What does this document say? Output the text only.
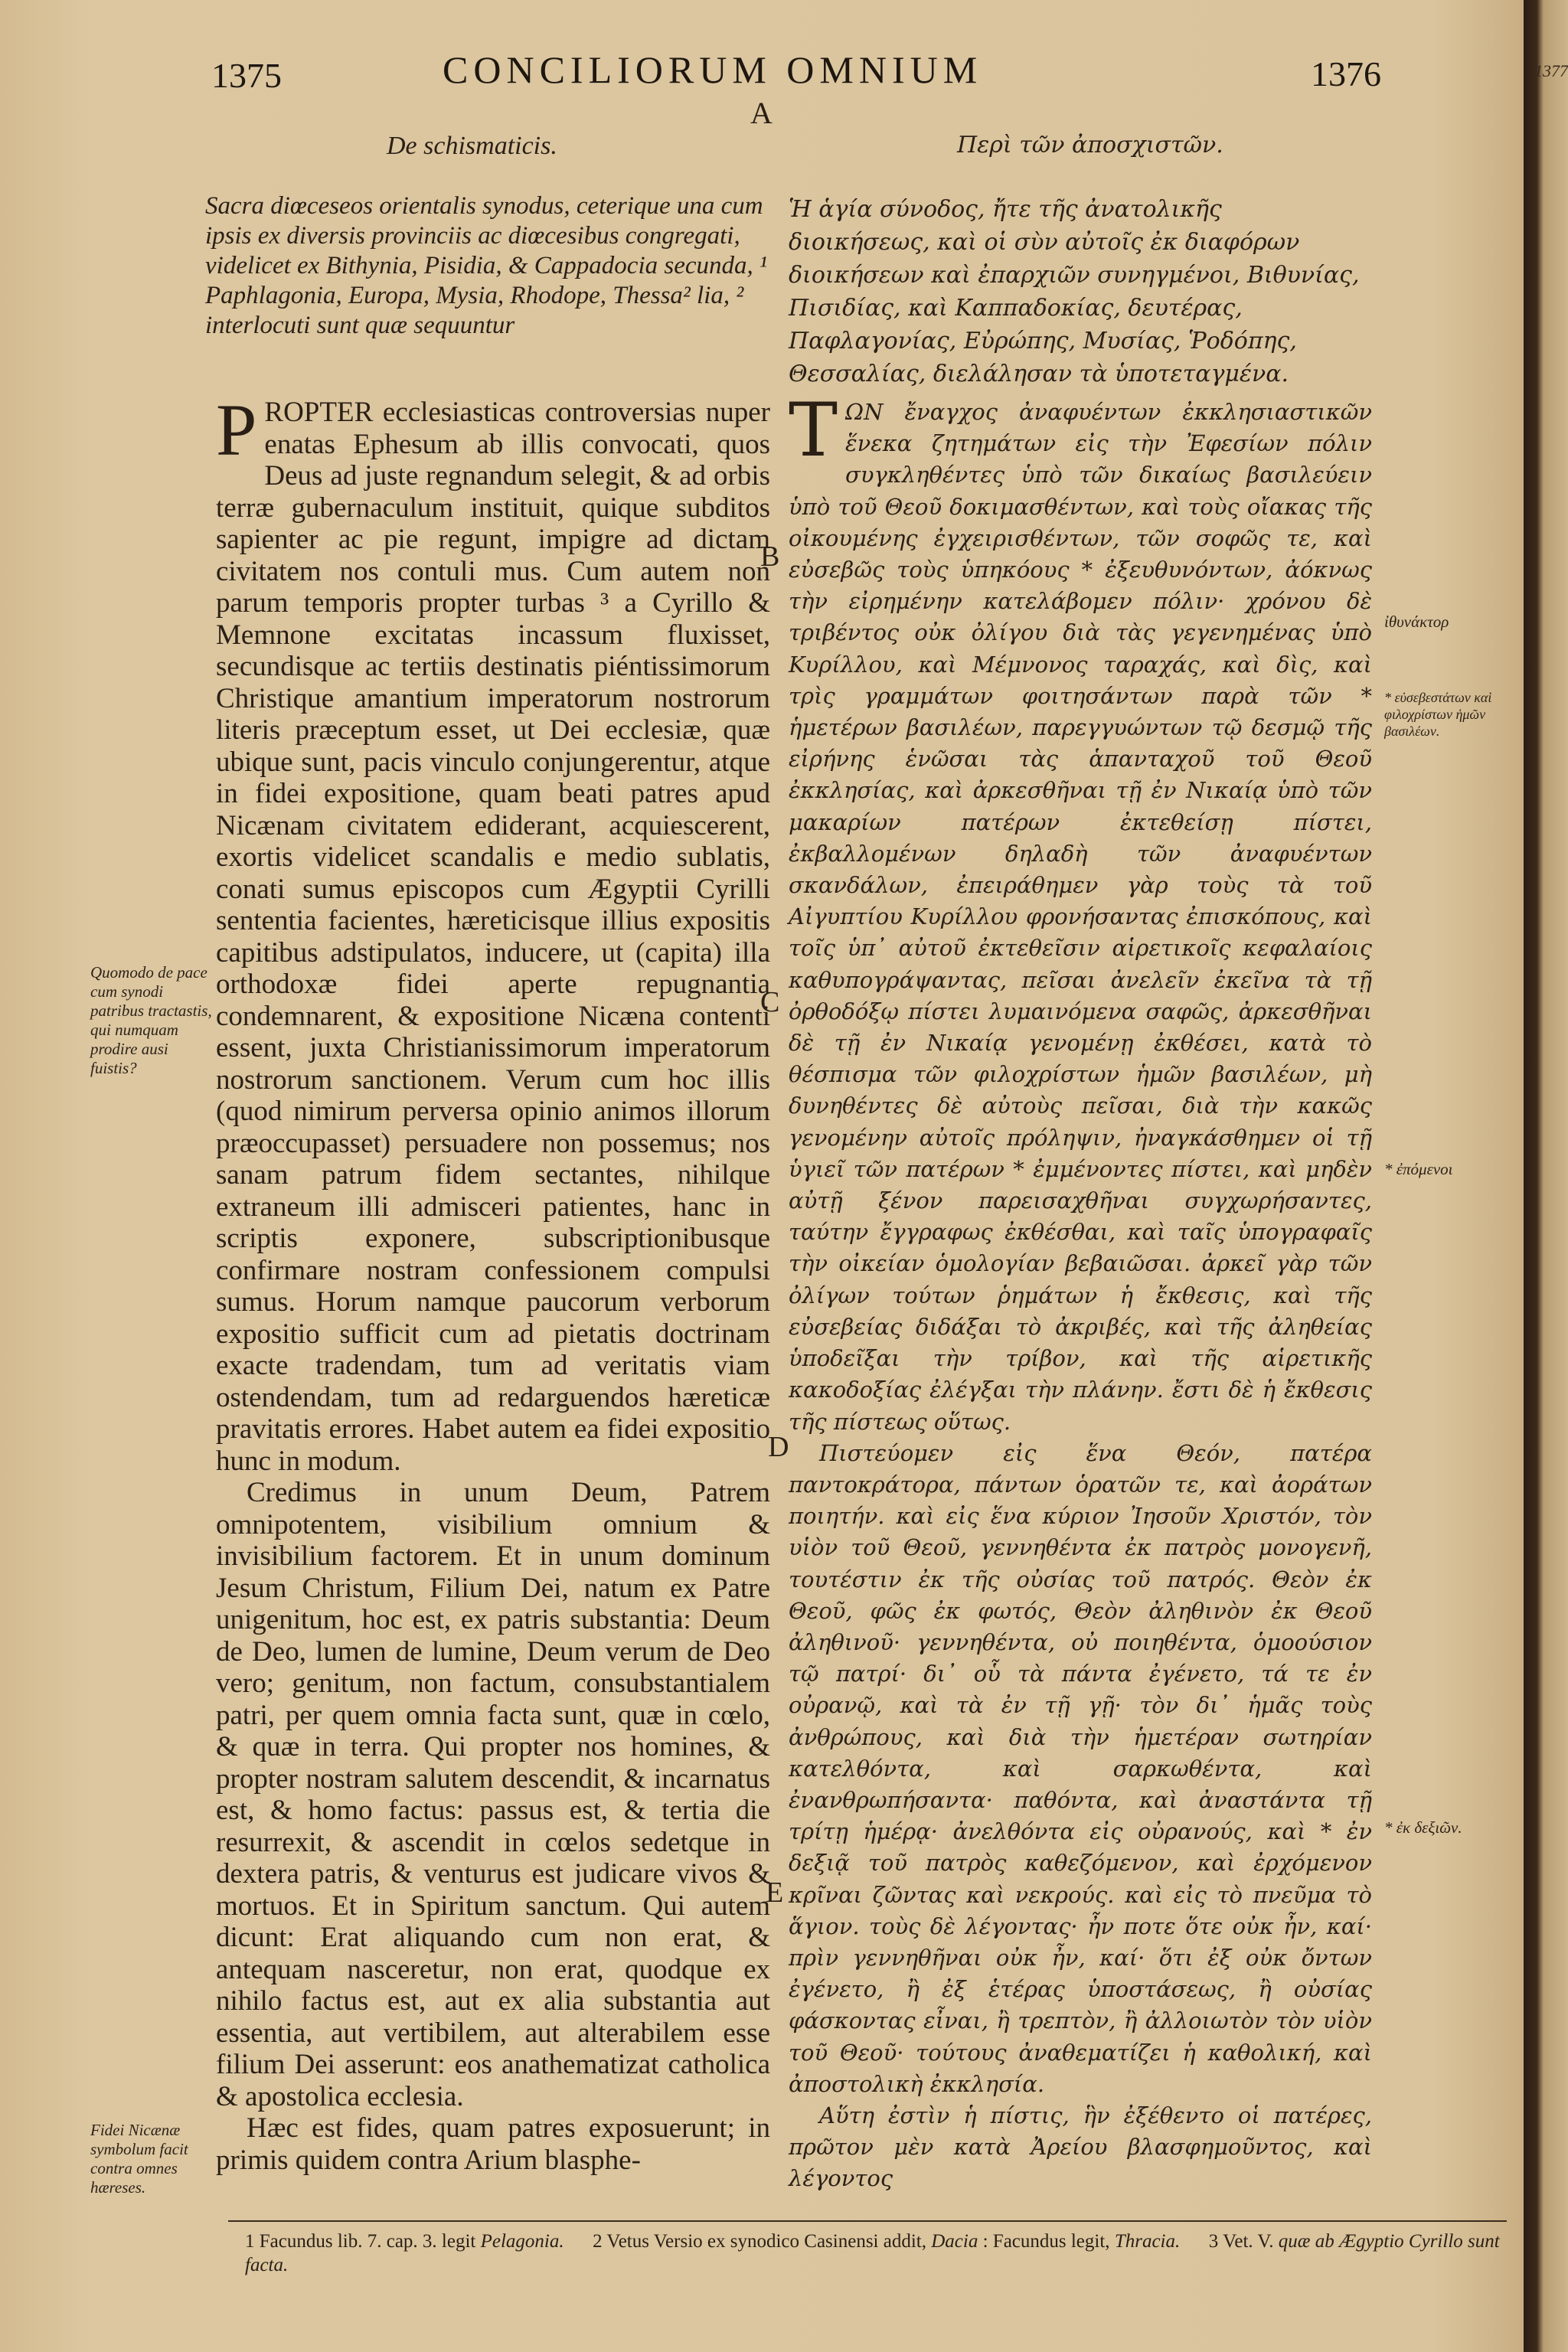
1375	CONCILIORUM OMNIUM	1376
A
De schismaticis.	Περὶ τῶν ἀποσχιστῶν.
Sacra diœceseos orientalis synodus, ceterique una cum ipsis ex diversis provinciis ac diœcesibus congregati, videlicet ex Bithynia, Pisidia, & Cappadocia secunda, ¹ Paphlagonia, Europa, Mysia, Rhodope, Thessa² lia, ² interlocuti sunt quæ sequuntur
Ἡ ἁγία σύνοδος, ἤτε τῆς ἀνατολικῆς διοικήσεως, καὶ οἱ σὺν αὐτοῖς ἐκ διαφόρων διοικήσεων καὶ ἐπαρχιῶν συνηγμένοι, Βιθυνίας, Πισιδίας, καὶ Καππαδοκίας, δευτέρας, Παφλαγονίας, Εὐρώπης, Μυσίας, Ῥοδόπης, Θεσσαλίας, διελάλησαν τὰ ὑποτεταγμένα.

PROPTER ecclesiasticas controversias nuper enatas Ephesum ab illis convocati, quos Deus ad juste regnandum selegit, & ad orbis terræ gubernaculum instituit, quique subditos sapienter ac pie regunt, impigre ad dictam civitatem nos contuli mus. Cum autem non parum temporis propter turbas ³ a Cyrillo & Memnone excitatas incassum fluxisset, secundisque ac tertiis destinatis piéntissimorum Christique amantium imperatorum nostrorum literis præceptum esset, ut Dei ecclesiæ, quæ ubique sunt, pacis vinculo conjungerentur, atque in fidei expositione, quam beati patres apud Nicænam civitatem ediderant, acquiescerent, exortis videlicet scandalis e medio sublatis, conati sumus episcopos cum Ægyptii Cyrilli sententia facientes, hæreticisque illius expositis capitibus adstipulatos, inducere, ut (capita) illa orthodoxæ fidei aperte repugnantia condemnarent, & expositione Nicæna contenti essent, juxta Christianissimorum imperatorum nostrorum sanctionem. Verum cum hoc illis (quod nimirum perversa opinio animos illorum præoccupasset) persuadere non possemus; nos sanam patrum fidem sectantes, nihilque extraneum illi admisceri patientes, hanc in scriptis exponere, subscriptionibusque confirmare nostram confessionem compulsi sumus. Horum namque paucorum verborum expositio sufficit cum ad pietatis doctrinam exacte tradendam, tum ad veritatis viam ostendendam, tum ad redarguendos hæreticæ pravitatis errores. Habet autem ea fidei expositio hunc in modum.

Credimus in unum Deum, Patrem omnipotentem, visibilium omnium & invisibilium factorem. Et in unum dominum Jesum Christum, Filium Dei, natum ex Patre unigenitum, hoc est, ex patris substantia: Deum de Deo, lumen de lumine, Deum verum de Deo vero; genitum, non factum, consubstantialem patri, per quem omnia facta sunt, quæ in cœlo, & quæ in terra. Qui propter nos homines, & propter nostram salutem descendit, & incarnatus est, & homo factus: passus est, & tertia die resurrexit, & ascendit in cœlos sedetque in dextera patris, & venturus est judicare vivos & mortuos. Et in Spiritum sanctum. Qui autem dicunt: Erat aliquando cum non erat, & antequam nasceretur, non erat, quodque ex nihilo factus est, aut ex alia substantia aut essentia, aut vertibilem, aut alterabilem esse filium Dei asserunt: eos anathematizat catholica & apostolica ecclesia.

Hæc est fides, quam patres exposuerunt; in primis quidem contra Arium blasphe-

ΤΩΝ ἔναγχος ἀναφυέντων ἐκκλησιαστικῶν ἕνεκα ζητημάτων εἰς τὴν Ἐφεσίων πόλιν συγκληθέντες ὑπὸ τῶν δικαίως βασιλεύειν ὑπὸ τοῦ Θεοῦ δοκιμασθέντων, καὶ τοὺς οἴακας τῆς οἰκουμένης ἐγχειρισθέντων, τῶν σοφῶς τε, καὶ εὐσεβῶς τοὺς ὑπηκόους * ἐξευθυνόντων, ἀόκνως τὴν εἰρημένην κατελάβομεν πόλιν· χρόνου δὲ τριβέντος οὐκ ὀλίγου διὰ τὰς γεγενημένας ὑπὸ Κυρίλλου, καὶ Μέμνονος ταραχάς, καὶ δὶς, καὶ τρὶς γραμμάτων φοιτησάντων παρὰ τῶν * ἡμετέρων βασιλέων, παρεγγυώντων τῷ δεσμῷ τῆς εἰρήνης ἑνῶσαι τὰς ἁπανταχοῦ τοῦ Θεοῦ ἐκκλησίας, καὶ ἀρκεσθῆναι τῇ ἐν Νικαίᾳ ὑπὸ τῶν μακαρίων πατέρων ἐκτεθείσῃ πίστει, ἐκβαλλομένων δηλαδὴ τῶν ἀναφυέντων σκανδάλων, ἐπειράθημεν γὰρ τοὺς τὰ τοῦ Αἰγυπτίου Κυρίλλου φρονήσαντας ἐπισκόπους, καὶ τοῖς ὑπ᾽ αὐτοῦ ἐκτεθεῖσιν αἱρετικοῖς κεφαλαίοις καθυπογράψαντας, πεῖσαι ἀνελεῖν ἐκεῖνα τὰ τῇ ὀρθοδόξῳ πίστει λυμαινόμενα σαφῶς, ἀρκεσθῆναι δὲ τῇ ἐν Νικαίᾳ γενομένῃ ἐκθέσει, κατὰ τὸ θέσπισμα τῶν φιλοχρίστων ἡμῶν βασιλέων, μὴ δυνηθέντες δὲ αὐτοὺς πεῖσαι, διὰ τὴν κακῶς γενομένην αὐτοῖς πρόληψιν, ἠναγκάσθημεν οἱ τῇ ὑγιεῖ τῶν πατέρων * ἐμμένοντες πίστει, καὶ μηδὲν αὐτῇ ξένον παρεισαχθῆναι συγχωρήσαντες, ταύτην ἔγγραφως ἐκθέσθαι, καὶ ταῖς ὑπογραφαῖς τὴν οἰκείαν ὁμολογίαν βεβαιῶσαι. ἀρκεῖ γὰρ τῶν ὀλίγων τούτων ῥημάτων ἡ ἔκθεσις, καὶ τῆς εὐσεβείας διδάξαι τὸ ἀκριβές, καὶ τῆς ἀληθείας ὑποδεῖξαι τὴν τρίβον, καὶ τῆς αἱρετικῆς κακοδοξίας ἐλέγξαι τὴν πλάνην. ἔστι δὲ ἡ ἔκθεσις τῆς πίστεως οὕτως.

Πιστεύομεν εἰς ἕνα Θεόν, πατέρα παντοκράτορα, πάντων ὁρατῶν τε, καὶ ἀοράτων ποιητήν. καὶ εἰς ἕνα κύριον Ἰησοῦν Χριστόν, τὸν υἱὸν τοῦ Θεοῦ, γεννηθέντα ἐκ πατρὸς μονογενῆ, τουτέστιν ἐκ τῆς οὐσίας τοῦ πατρός. Θεὸν ἐκ Θεοῦ, φῶς ἐκ φωτός, Θεὸν ἀληθινὸν ἐκ Θεοῦ ἀληθινοῦ· γεννηθέντα, οὐ ποιηθέντα, ὁμοούσιον τῷ πατρί· δι᾽ οὗ τὰ πάντα ἐγένετο, τά τε ἐν οὐρανῷ, καὶ τὰ ἐν τῇ γῇ· τὸν δι᾽ ἡμᾶς τοὺς ἀνθρώπους, καὶ διὰ τὴν ἡμετέραν σωτηρίαν κατελθόντα, καὶ σαρκωθέντα, καὶ ἐνανθρωπήσαντα· παθόντα, καὶ ἀναστάντα τῇ τρίτῃ ἡμέρᾳ· ἀνελθόντα εἰς οὐρανούς, καὶ * ἐν δεξιᾷ τοῦ πατρὸς καθεζόμενον, καὶ ἐρχόμενον κρῖναι ζῶντας καὶ νεκρούς. καὶ εἰς τὸ πνεῦμα τὸ ἅγιον. τοὺς δὲ λέγοντας· ἦν ποτε ὅτε οὐκ ἦν, καί· πρὶν γεννηθῆναι οὐκ ἦν, καί· ὅτι ἐξ οὐκ ὄντων ἐγένετο, ἢ ἐξ ἑτέρας ὑποστάσεως, ἢ οὐσίας φάσκοντας εἶναι, ἢ τρεπτὸν, ἢ ἀλλοιωτὸν τὸν υἱὸν τοῦ Θεοῦ· τούτους ἀναθεματίζει ἡ καθολική, καὶ ἀποστολικὴ ἐκκλησία.

Αὕτη ἐστὶν ἡ πίστις, ἣν ἐξέθεντο οἱ πατέρες, πρῶτον μὲν κατὰ Ἀρείου βλασφημοῦντος, καὶ λέγοντος

B
C
D
E
Quomodo de pace cum synodi patribus tractastis, qui numquam prodire ausi fuistis?
Fidei Nicænæ symbolum facit contra omnes hæreses.
ἰθυνάκτορ
* εὐσεβεστάτων καὶ φιλοχρίστων ἡμῶν βασιλέων.
* ἐπόμενοι
* ἐκ δεξιῶν.
1 Facundus lib. 7. cap. 3. legit Pelagonia. 2 Vetus Versio ex synodico Casinensi addit, Dacia : Facundus legit, Thracia. 3 Vet. V. quæ ab Ægyptio Cyrillo sunt facta.
1377
